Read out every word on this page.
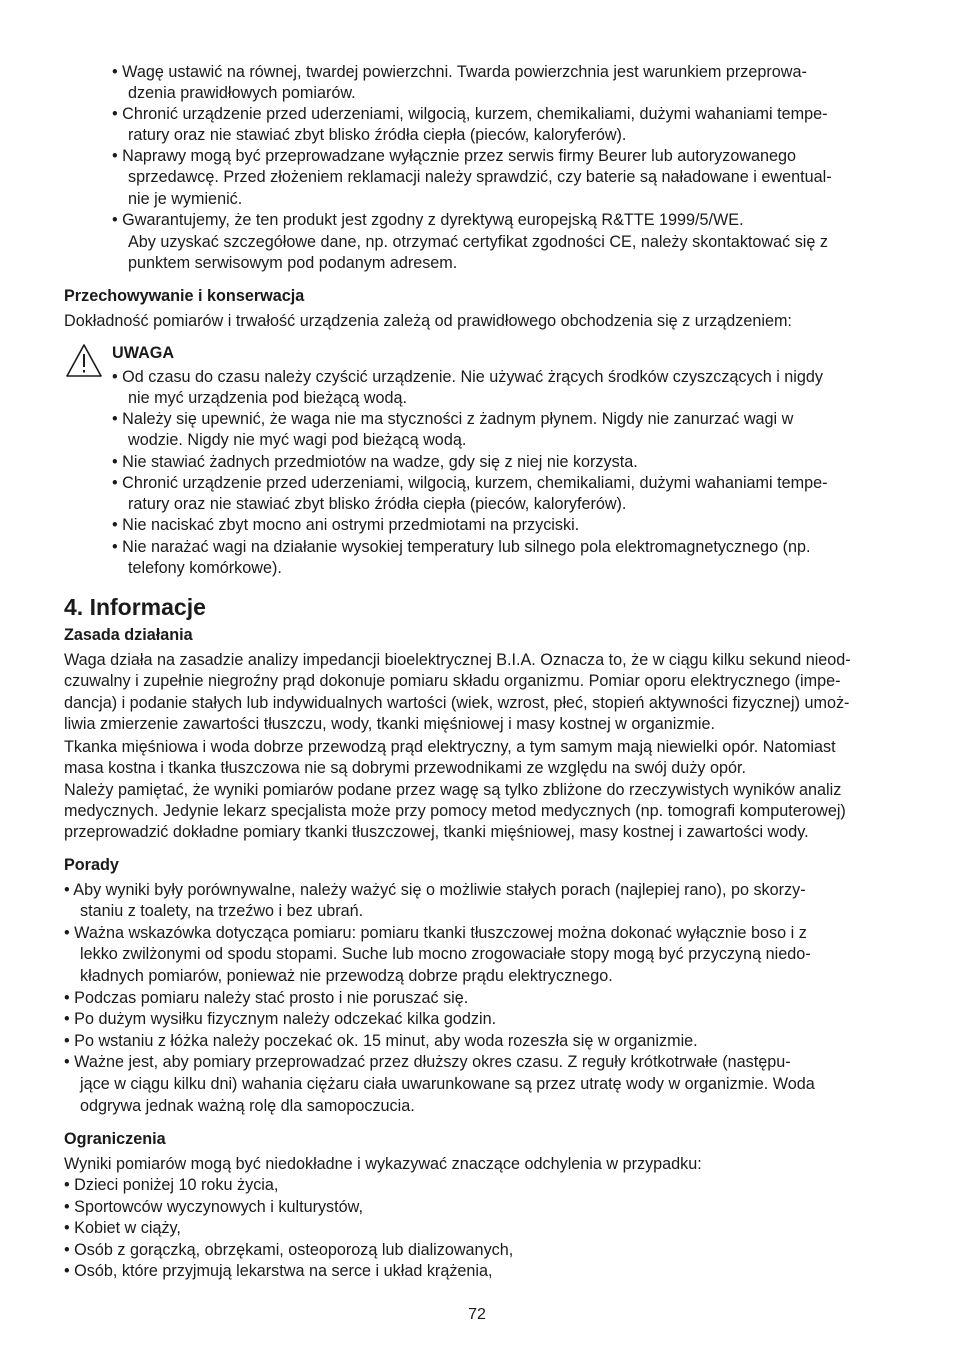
• Wagę ustawić na równej, twardej powierzchni. Twarda powierzchnia jest warunkiem przeprowa-
dzenia prawidłowych pomiarów.
• Chronić urządzenie przed uderzeniami, wilgocią, kurzem, chemikaliami, dużymi wahaniami tempe-
ratury oraz nie stawiać zbyt blisko źródła ciepła (pieców, kaloryferów).
• Naprawy mogą być przeprowadzane wyłącznie przez serwis firmy Beurer lub autoryzowanego
sprzedawcę. Przed złożeniem reklamacji należy sprawdzić, czy baterie są naładowane i ewentual-
nie je wymienić.
• Gwarantujemy, że ten produkt jest zgodny z dyrektywą europejską R&TTE 1999/5/WE.
Aby uzyskać szczegółowe dane, np. otrzymać certyfikat zgodności CE, należy skontaktować się z
punktem serwisowym pod podanym adresem.
Przechowywanie i konserwacja
Dokładność pomiarów i trwałość urządzenia zależą od prawidłowego obchodzenia się z urządzeniem:
UWAGA
• Od czasu do czasu należy czyścić urządzenie. Nie używać żrących środków czyszczących i nigdy
nie myć urządzenia pod bieżącą wodą.
• Należy się upewnić, że waga nie ma styczności z żadnym płynem. Nigdy nie zanurzać wagi w
wodzie. Nigdy nie myć wagi pod bieżącą wodą.
• Nie stawiać żadnych przedmiotów na wadze, gdy się z niej nie korzysta.
• Chronić urządzenie przed uderzeniami, wilgocią, kurzem, chemikaliami, dużymi wahaniami tempe-
ratury oraz nie stawiać zbyt blisko źródła ciepła (pieców, kaloryferów).
• Nie naciskać zbyt mocno ani ostrymi przedmiotami na przyciski.
• Nie narażać wagi na działanie wysokiej temperatury lub silnego pola elektromagnetycznego (np.
telefony komórkowe).
Zasada działania
Waga działa na zasadzie analizy impedancji bioelektrycznej B.I.A. Oznacza to, że w ciągu kilku sekund nieod-
czuwalny i zupełnie niegroźny prąd dokonuje pomiaru składu organizmu. Pomiar oporu elektrycznego (impe-
dancja) i podanie stałych lub indywidualnych wartości (wiek, wzrost, płeć, stopień aktywności fizycznej) umoż-
liwia zmierzenie zawartości tłuszczu, wody, tkanki mięśniowej i masy kostnej w organizmie.
Tkanka mięśniowa i woda dobrze przewodzą prąd elektryczny, a tym samym mają niewielki opór. Natomiast
masa kostna i tkanka tłuszczowa nie są dobrymi przewodnikami ze względu na swój duży opór.
Należy pamiętać, że wyniki pomiarów podane przez wagę są tylko zbliżone do rzeczywistych wyników analiz
medycznych. Jedynie lekarz specjalista może przy pomocy metod medycznych (np. tomografi komputerowej)
przeprowadzić dokładne pomiary tkanki tłuszczowej, tkanki mięśniowej, masy kostnej i zawartości wody.
Porady
• Aby wyniki były porównywalne, należy ważyć się o możliwie stałych porach (najlepiej rano), po skorzy-
staniu z toalety, na trzeźwo i bez ubrań.
• Ważna wskazówka dotycząca pomiaru: pomiaru tkanki tłuszczowej można dokonać wyłącznie boso i z
lekko zwilżonymi od spodu stopami. Suche lub mocno zrogowaciałe stopy mogą być przyczyną niedo-
kładnych pomiarów, ponieważ nie przewodzą dobrze prądu elektrycznego.
• Podczas pomiaru należy stać prosto i nie poruszać się.
• Po dużym wysiłku fizycznym należy odczekać kilka godzin.
• Po wstaniu z łóżka należy poczekać ok. 15 minut, aby woda rozeszła się w organizmie.
• Ważne jest, aby pomiary przeprowadzać przez dłuższy okres czasu. Z reguły krótkotrwałe (następu-
jące w ciągu kilku dni) wahania ciężaru ciała uwarunkowane są przez utratę wody w organizmie. Woda
odgrywa jednak ważną rolę dla samopoczucia.
Ograniczenia
Wyniki pomiarów mogą być niedokładne i wykazywać znaczące odchylenia w przypadku:
• Dzieci poniżej 10 roku życia,
• Sportowców wyczynowych i kulturystów,
• Kobiet w ciąży,
• Osób z gorączką, obrzękami, osteoporozą lub dializowanych,
• Osób, które przyjmują lekarstwa na serce i układ krążenia,
4. Informacje
72
